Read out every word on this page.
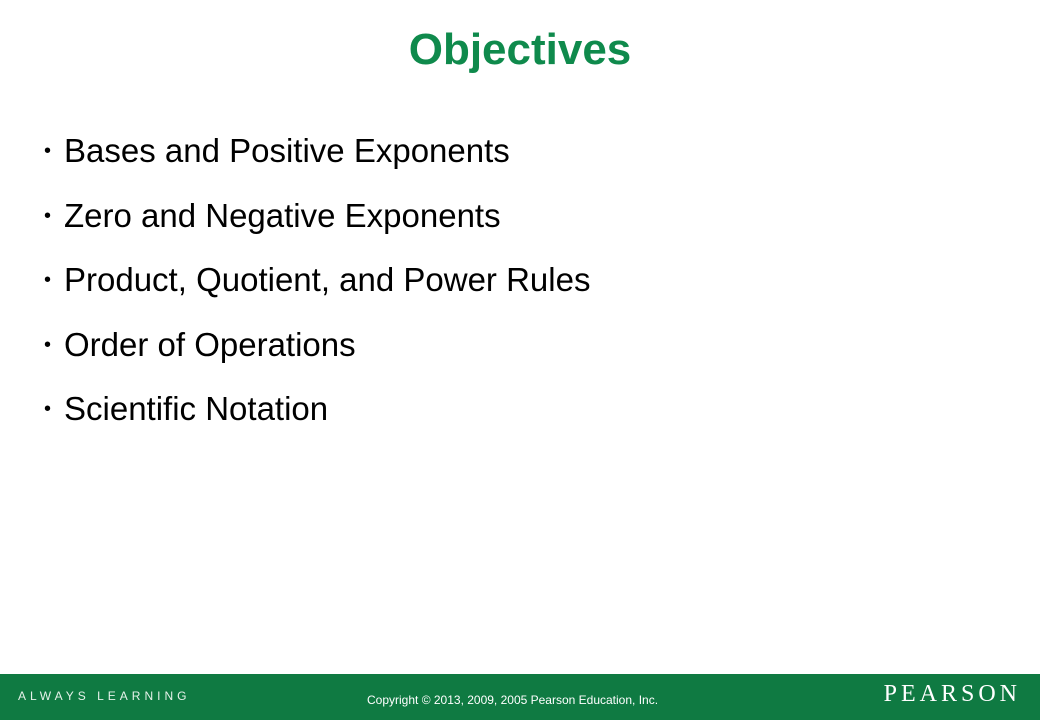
Objectives
• Bases and Positive Exponents
• Zero and Negative Exponents
• Product, Quotient, and Power Rules
• Order of Operations
• Scientific Notation
ALWAYS LEARNING	Copyright © 2013, 2009, 2005 Pearson Education, Inc.	PEARSON
